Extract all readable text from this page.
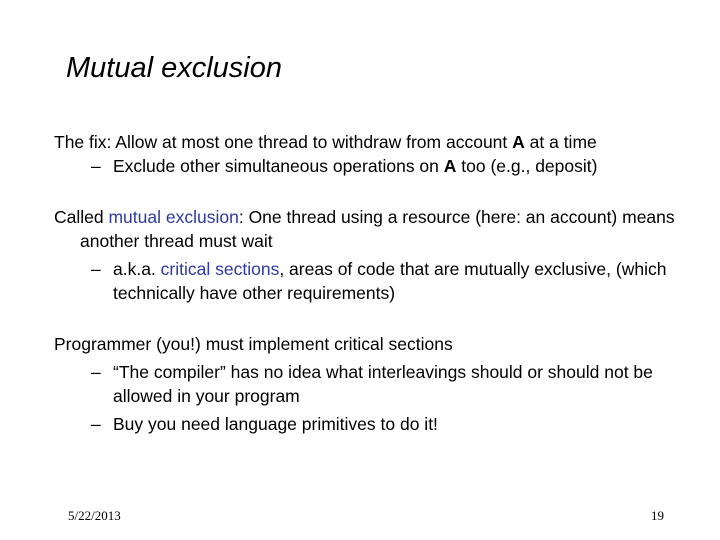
Mutual exclusion

The fix: Allow at most one thread to withdraw from account A at a time

– Exclude other simultaneous operations on A too (e.g., deposit)

Called mutual exclusion: One thread using a resource (here: an account) means another thread must wait

– a.k.a. critical sections, areas of code that are mutually exclusive, (which technically have other requirements)

Programmer (you!) must implement critical sections

– “The compiler” has no idea what interleavings should or should not be allowed in your program

– Buy you need language primitives to do it!

5/22/2013	19
